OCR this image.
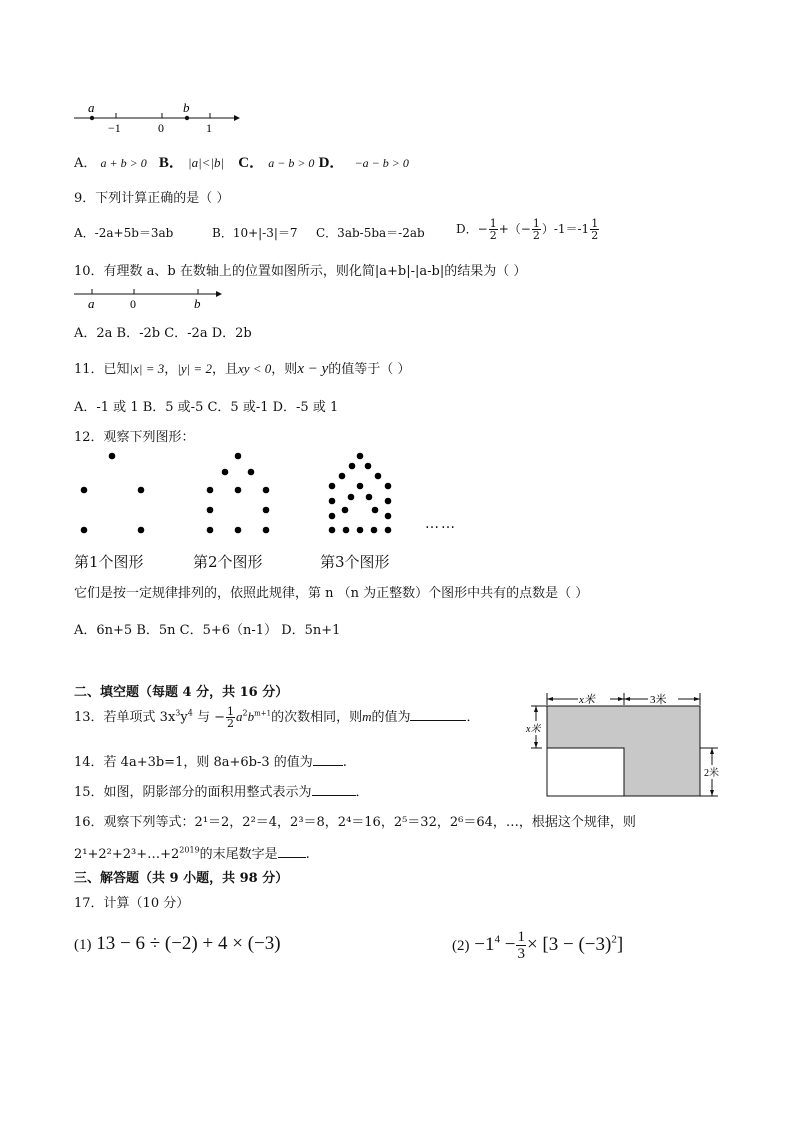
a	b
−1	0	1
A． a + b > 0 B． |a|<|b| C． a − b > 0 D． −a − b > 0
9．下列计算正确的是（ ）
A．-2a+5b＝3ab	B．10+|-3|＝7 C．3ab-5ba＝-2ab	D．− $\frac{1}{2}$ +（− $\frac{1}{2} )-1=-1 \frac{1}{2}$
10．有理数 a、b 在数轴上的位置如图所示，则化简|a+b|-|a-b|的结果为（ ）
a	0	b
A．2a B．-2b C．-2a D．2b
11．已知|x| = 3，|y| = 2，且xy < 0，则x − y的值等于（ ）
A．-1 或 1 B．5 或-5 C．5 或-1 D．-5 或 1
12．观察下列图形：
……
第1个图形	第2个图形	第3个图形
它们是按一定规律排列的，依照此规律，第 n （n 为正整数）个图形中共有的点数是（ ）
A．6n+5 B．5n C．5+6（n-1） D．5n+1
二、填空题（每题 4 分，共 16 分）
13．若单项式 $3x^3y^4$ 与 − $\frac{1}{2} a^2b^{m+1}$的次数相同，则m的值为	．
14．若 4a+3b=1，则 8a+6b-3 的值为 .
15．如图，阴影部分的面积用整式表示为	．
x米	3米
x米
2米
16．观察下列等式：2¹＝2，2²＝4，2³＝8，2⁴＝16，2⁵＝32，2⁶＝64，…，根据这个规律，则
$2^1+2^2+2^3+\dots+2^{2019}$的末尾数字是 .
三、解答题（共 9 小题，共 98 分）
17．计算（10 分）
(1) 13 − 6 ÷ (−2) + 4 × (−3)	$(2) -1^4 - \frac{1}{3} \times [3 - (-3)^2]$
